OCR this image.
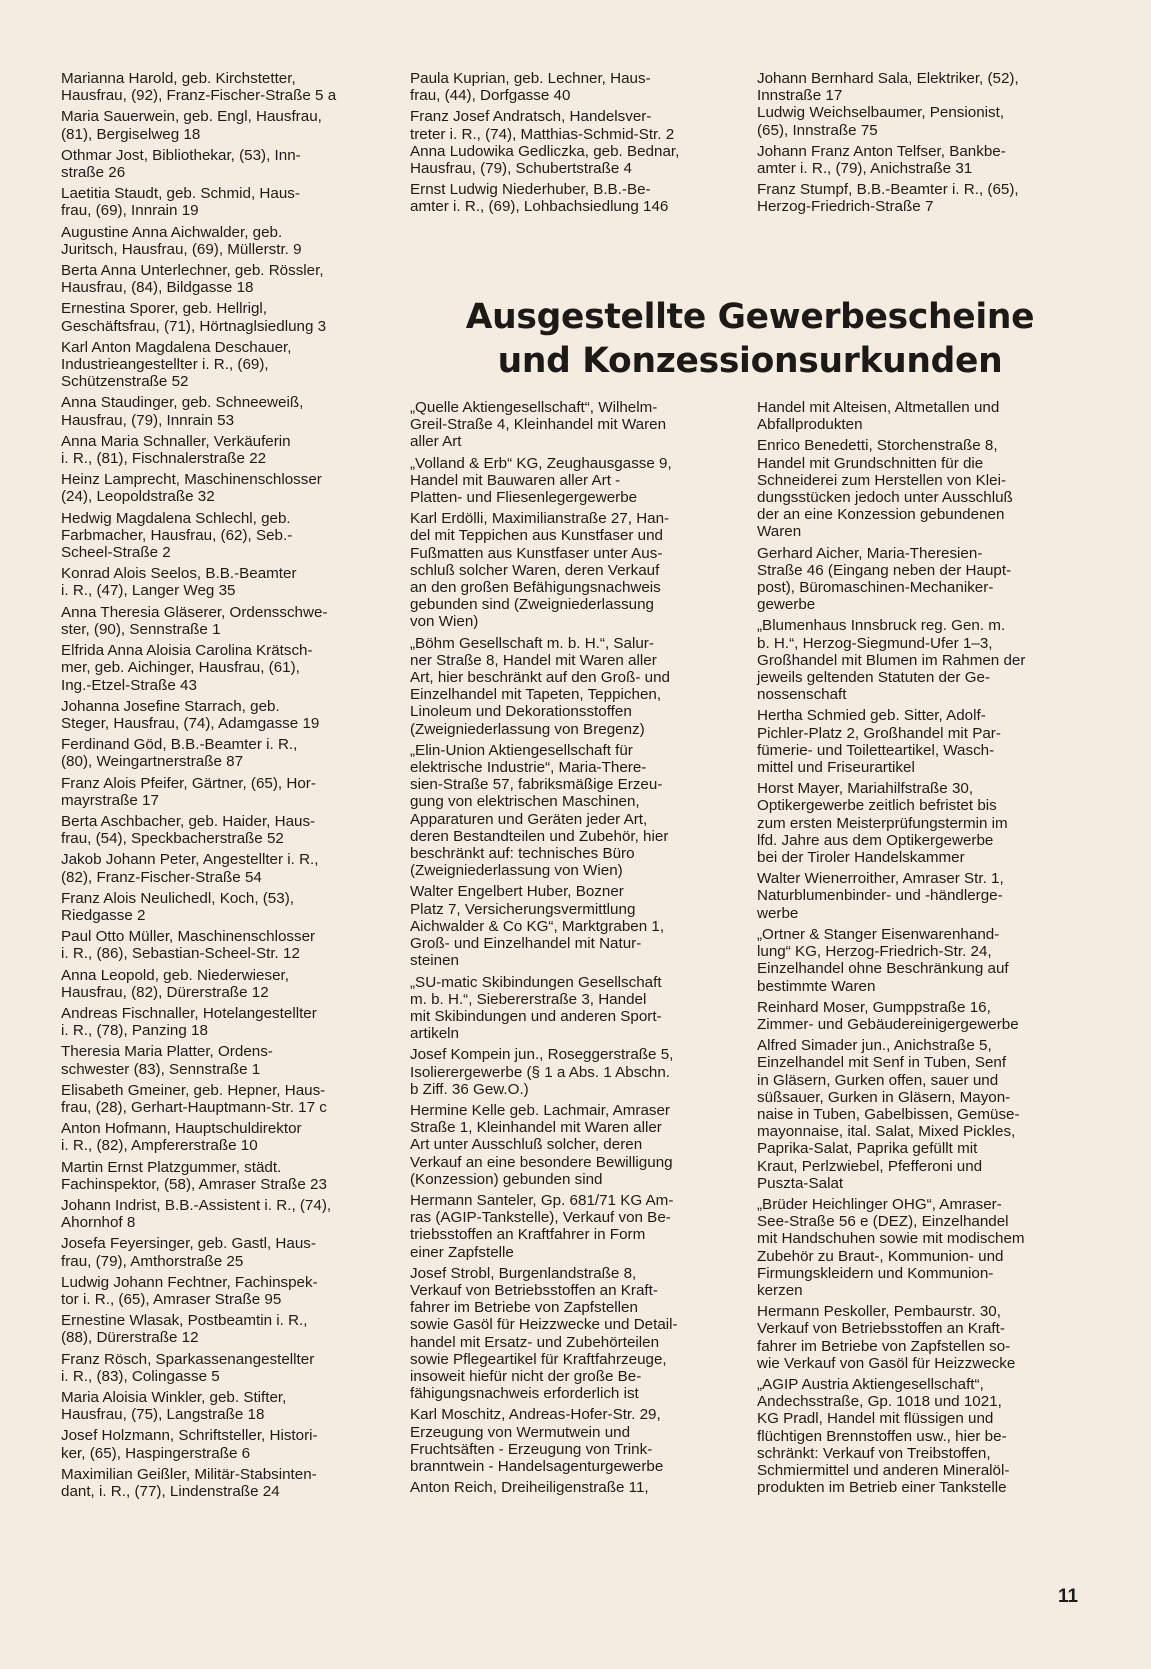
Marianna Harold, geb. Kirchstetter,
Hausfrau, (92), Franz-Fischer-Straße 5 a
Maria Sauerwein, geb. Engl, Hausfrau,
(81), Bergiselweg 18
Othmar Jost, Bibliothekar, (53), Inn-
straße 26
Laetitia Staudt, geb. Schmid, Haus-
frau, (69), Innrain 19
Augustine Anna Aichwalder, geb.
Juritsch, Hausfrau, (69), Müllerstr. 9
Berta Anna Unterlechner, geb. Rössler,
Hausfrau, (84), Bildgasse 18
Ernestina Sporer, geb. Hellrigl,
Geschäftsfrau, (71), Hörtnaglsiedlung 3
Karl Anton Magdalena Deschauer,
Industrieangestellter i. R., (69),
Schützenstraße 52
Anna Staudinger, geb. Schneeweiß,
Hausfrau, (79), Innrain 53
Anna Maria Schnaller, Verkäuferin
i. R., (81), Fischnalerstraße 22
Heinz Lamprecht, Maschinenschlosser
(24), Leopoldstraße 32
Hedwig Magdalena Schlechl, geb.
Farbmacher, Hausfrau, (62), Seb.-
Scheel-Straße 2
Konrad Alois Seelos, B.B.-Beamter
i. R., (47), Langer Weg 35
Anna Theresia Gläserer, Ordensschwe-
ster, (90), Sennstraße 1
Elfrida Anna Aloisia Carolina Krätsch-
mer, geb. Aichinger, Hausfrau, (61),
Ing.-Etzel-Straße 43
Johanna Josefine Starrach, geb.
Steger, Hausfrau, (74), Adamgasse 19
Ferdinand Göd, B.B.-Beamter i. R.,
(80), Weingartnerstraße 87
Franz Alois Pfeifer, Gärtner, (65), Hor-
mayrstraße 17
Berta Aschbacher, geb. Haider, Haus-
frau, (54), Speckbacherstraße 52
Jakob Johann Peter, Angestellter i. R.,
(82), Franz-Fischer-Straße 54
Franz Alois Neulichedl, Koch, (53),
Riedgasse 2
Paul Otto Müller, Maschinenschlosser
i. R., (86), Sebastian-Scheel-Str. 12
Anna Leopold, geb. Niederwieser,
Hausfrau, (82), Dürerstraße 12
Andreas Fischnaller, Hotelangestellter
i. R., (78), Panzing 18
Theresia Maria Platter, Ordens-
schwester (83), Sennstraße 1
Elisabeth Gmeiner, geb. Hepner, Haus-
frau, (28), Gerhart-Hauptmann-Str. 17 c
Anton Hofmann, Hauptschuldirektor
i. R., (82), Ampfererstraße 10
Martin Ernst Platzgummer, städt.
Fachinspektor, (58), Amraser Straße 23
Johann Indrist, B.B.-Assistent i. R., (74),
Ahornhof 8
Josefa Feyersinger, geb. Gastl, Haus-
frau, (79), Amthorstraße 25
Ludwig Johann Fechtner, Fachinspek-
tor i. R., (65), Amraser Straße 95
Ernestine Wlasak, Postbeamtin i. R.,
(88), Dürerstraße 12
Franz Rösch, Sparkassenangestellter
i. R., (83), Colingasse 5
Maria Aloisia Winkler, geb. Stifter,
Hausfrau, (75), Langstraße 18
Josef Holzmann, Schriftsteller, Histori-
ker, (65), Haspingerstraße 6
Maximilian Geißler, Militär-Stabsinten-
dant, i. R., (77), Lindenstraße 24
Paula Kuprian, geb. Lechner, Haus-
frau, (44), Dorfgasse 40
Franz Josef Andratsch, Handelsver-
treter i. R., (74), Matthias-Schmid-Str. 2
Anna Ludowika Gedliczka, geb. Bednar,
Hausfrau, (79), Schubertstraße 4
Ernst Ludwig Niederhuber, B.B.-Be-
amter i. R., (69), Lohbachsiedlung 146
Johann Bernhard Sala, Elektriker, (52),
Innstraße 17
Ludwig Weichselbaumer, Pensionist,
(65), Innstraße 75
Johann Franz Anton Telfser, Bankbe-
amter i. R., (79), Anichstraße 31
Franz Stumpf, B.B.-Beamter i. R., (65),
Herzog-Friedrich-Straße 7
Ausgestellte Gewerbescheine
und Konzessionsurkunden
„Quelle Aktiengesellschaft“, Wilhelm-
Greil-Straße 4, Kleinhandel mit Waren
aller Art
„Volland & Erb“ KG, Zeughausgasse 9,
Handel mit Bauwaren aller Art -
Platten- und Fliesenlegergewerbe
Karl Erdölli, Maximilianstraße 27, Han-
del mit Teppichen aus Kunstfaser und
Fußmatten aus Kunstfaser unter Aus-
schluß solcher Waren, deren Verkauf
an den großen Befähigungsnachweis
gebunden sind (Zweigniederlassung
von Wien)
„Böhm Gesellschaft m. b. H.“, Salur-
ner Straße 8, Handel mit Waren aller
Art, hier beschränkt auf den Groß- und
Einzelhandel mit Tapeten, Teppichen,
Linoleum und Dekorationsstoffen
(Zweigniederlassung von Bregenz)
„Elin-Union Aktiengesellschaft für
elektrische Industrie“, Maria-There-
sien-Straße 57, fabriksmäßige Erzeu-
gung von elektrischen Maschinen,
Apparaturen und Geräten jeder Art,
deren Bestandteilen und Zubehör, hier
beschränkt auf: technisches Büro
(Zweigniederlassung von Wien)
Walter Engelbert Huber, Bozner
Platz 7, Versicherungsvermittlung
Aichwalder & Co KG“, Marktgraben 1,
Groß- und Einzelhandel mit Natur-
steinen
„SU-matic Skibindungen Gesellschaft
m. b. H.“, Siebererstraße 3, Handel
mit Skibindungen und anderen Sport-
artikeln
Josef Kompein jun., Roseggerstraße 5,
Isolierergewerbe (§ 1 a Abs. 1 Abschn.
b Ziff. 36 Gew.O.)
Hermine Kelle geb. Lachmair, Amraser
Straße 1, Kleinhandel mit Waren aller
Art unter Ausschluß solcher, deren
Verkauf an eine besondere Bewilligung
(Konzession) gebunden sind
Hermann Santeler, Gp. 681/71 KG Am-
ras (AGIP-Tankstelle), Verkauf von Be-
triebsstoffen an Kraftfahrer in Form
einer Zapfstelle
Josef Strobl, Burgenlandstraße 8,
Verkauf von Betriebsstoffen an Kraft-
fahrer im Betriebe von Zapfstellen
sowie Gasöl für Heizzwecke und Detail-
handel mit Ersatz- und Zubehörteilen
sowie Pflegeartikel für Kraftfahrzeuge,
insoweit hiefür nicht der große Be-
fähigungsnachweis erforderlich ist
Karl Moschitz, Andreas-Hofer-Str. 29,
Erzeugung von Wermutwein und
Fruchtsäften - Erzeugung von Trink-
branntwein - Handelsagenturgewerbe
Anton Reich, Dreiheiligenstraße 11,
Handel mit Alteisen, Altmetallen und
Abfallprodukten
Enrico Benedetti, Storchenstraße 8,
Handel mit Grundschnitten für die
Schneiderei zum Herstellen von Klei-
dungsstücken jedoch unter Ausschluß
der an eine Konzession gebundenen
Waren
Gerhard Aicher, Maria-Theresien-
Straße 46 (Eingang neben der Haupt-
post), Büromaschinen-Mechaniker-
gewerbe
„Blumenhaus Innsbruck reg. Gen. m.
b. H.“, Herzog-Siegmund-Ufer 1–3,
Großhandel mit Blumen im Rahmen der
jeweils geltenden Statuten der Ge-
nossenschaft
Hertha Schmied geb. Sitter, Adolf-
Pichler-Platz 2, Großhandel mit Par-
fümerie- und Toiletteartikel, Wasch-
mittel und Friseurartikel
Horst Mayer, Mariahilfstraße 30,
Optikergewerbe zeitlich befristet bis
zum ersten Meisterprüfungstermin im
lfd. Jahre aus dem Optikergewerbe
bei der Tiroler Handelskammer
Walter Wienerroither, Amraser Str. 1,
Naturblumenbinder- und -händlerge-
werbe
„Ortner & Stanger Eisenwarenhand-
lung“ KG, Herzog-Friedrich-Str. 24,
Einzelhandel ohne Beschränkung auf
bestimmte Waren
Reinhard Moser, Gumppstraße 16,
Zimmer- und Gebäudereinigergewerbe
Alfred Simader jun., Anichstraße 5,
Einzelhandel mit Senf in Tuben, Senf
in Gläsern, Gurken offen, sauer und
süßsauer, Gurken in Gläsern, Mayon-
naise in Tuben, Gabelbissen, Gemüse-
mayonnaise, ital. Salat, Mixed Pickles,
Paprika-Salat, Paprika gefüllt mit
Kraut, Perlzwiebel, Pfefferoni und
Puszta-Salat
„Brüder Heichlinger OHG“, Amraser-
See-Straße 56 e (DEZ), Einzelhandel
mit Handschuhen sowie mit modischem
Zubehör zu Braut-, Kommunion- und
Firmungskleidern und Kommunion-
kerzen
Hermann Peskoller, Pembaurstr. 30,
Verkauf von Betriebsstoffen an Kraft-
fahrer im Betriebe von Zapfstellen so-
wie Verkauf von Gasöl für Heizzwecke
„AGIP Austria Aktiengesellschaft“,
Andechsstraße, Gp. 1018 und 1021,
KG Pradl, Handel mit flüssigen und
flüchtigen Brennstoffen usw., hier be-
schränkt: Verkauf von Treibstoffen,
Schmiermittel und anderen Mineralöl-
produkten im Betrieb einer Tankstelle
11
